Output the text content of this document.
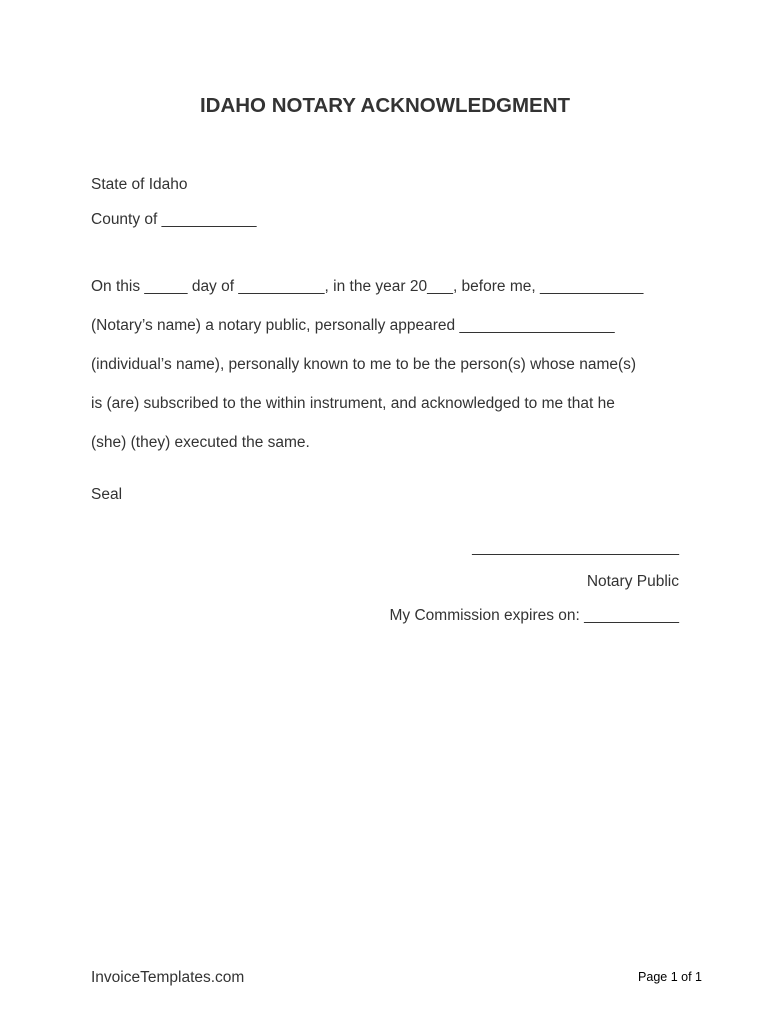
IDAHO NOTARY ACKNOWLEDGMENT
State of Idaho
County of ___________
On this _____ day of __________, in the year 20___, before me, ____________
(Notary’s name) a notary public, personally appeared __________________
(individual’s name), personally known to me to be the person(s) whose name(s)
is (are) subscribed to the within instrument, and acknowledged to me that he
(she) (they) executed the same.
Seal
________________________
Notary Public
My Commission expires on: ___________
InvoiceTemplates.com	Page 1 of 1
